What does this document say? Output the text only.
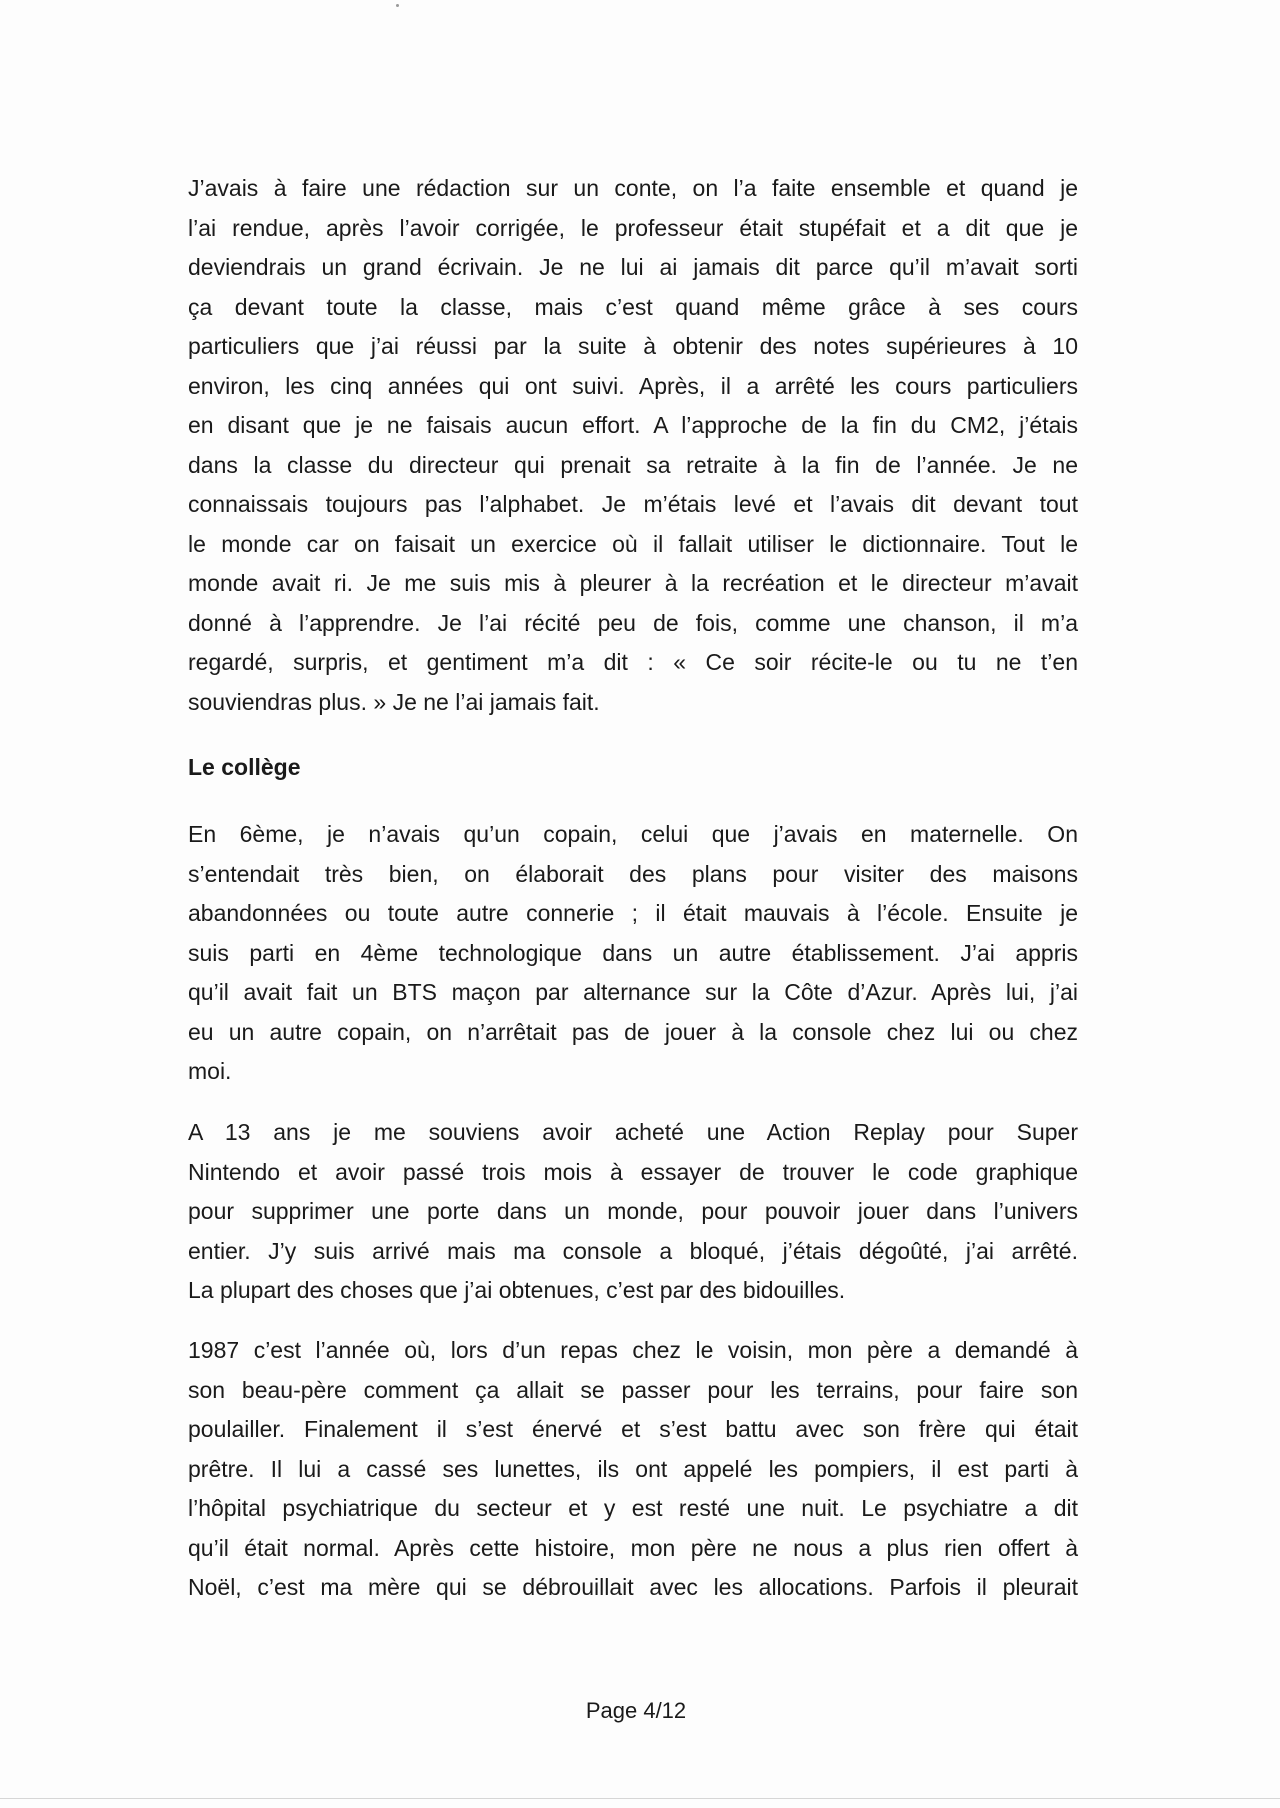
J’avais à faire une rédaction sur un conte, on l’a faite ensemble et quand je
l’ai rendue, après l’avoir corrigée, le professeur était stupéfait et a dit que je
deviendrais un grand écrivain. Je ne lui ai jamais dit parce qu’il m’avait sorti
ça devant toute la classe, mais c’est quand même grâce à ses cours
particuliers que j’ai réussi par la suite à obtenir des notes supérieures à 10
environ, les cinq années qui ont suivi. Après, il a arrêté les cours particuliers
en disant que je ne faisais aucun effort. A l’approche de la fin du CM2, j’étais
dans la classe du directeur qui prenait sa retraite à la fin de l’année. Je ne
connaissais toujours pas l’alphabet. Je m’étais levé et l’avais dit devant tout
le monde car on faisait un exercice où il fallait utiliser le dictionnaire. Tout le
monde avait ri. Je me suis mis à pleurer à la recréation et le directeur m’avait
donné à l’apprendre. Je l’ai récité peu de fois, comme une chanson, il m’a
regardé, surpris, et gentiment m’a dit : « Ce soir récite-le ou tu ne t’en
souviendras plus. » Je ne l’ai jamais fait.
Le collège
En 6ème, je n’avais qu’un copain, celui que j’avais en maternelle. On
s’entendait très bien, on élaborait des plans pour visiter des maisons
abandonnées ou toute autre connerie ; il était mauvais à l’école. Ensuite je
suis parti en 4ème technologique dans un autre établissement. J’ai appris
qu’il avait fait un BTS maçon par alternance sur la Côte d’Azur. Après lui, j’ai
eu un autre copain, on n’arrêtait pas de jouer à la console chez lui ou chez
moi.
A 13 ans je me souviens avoir acheté une Action Replay pour Super
Nintendo et avoir passé trois mois à essayer de trouver le code graphique
pour supprimer une porte dans un monde, pour pouvoir jouer dans l’univers
entier. J’y suis arrivé mais ma console a bloqué, j’étais dégoûté, j’ai arrêté.
La plupart des choses que j’ai obtenues, c’est par des bidouilles.
1987 c’est l’année où, lors d’un repas chez le voisin, mon père a demandé à
son beau-père comment ça allait se passer pour les terrains, pour faire son
poulailler. Finalement il s’est énervé et s’est battu avec son frère qui était
prêtre. Il lui a cassé ses lunettes, ils ont appelé les pompiers, il est parti à
l’hôpital psychiatrique du secteur et y est resté une nuit. Le psychiatre a dit
qu’il était normal. Après cette histoire, mon père ne nous a plus rien offert à
Noël, c’est ma mère qui se débrouillait avec les allocations. Parfois il pleurait
Page 4/12
